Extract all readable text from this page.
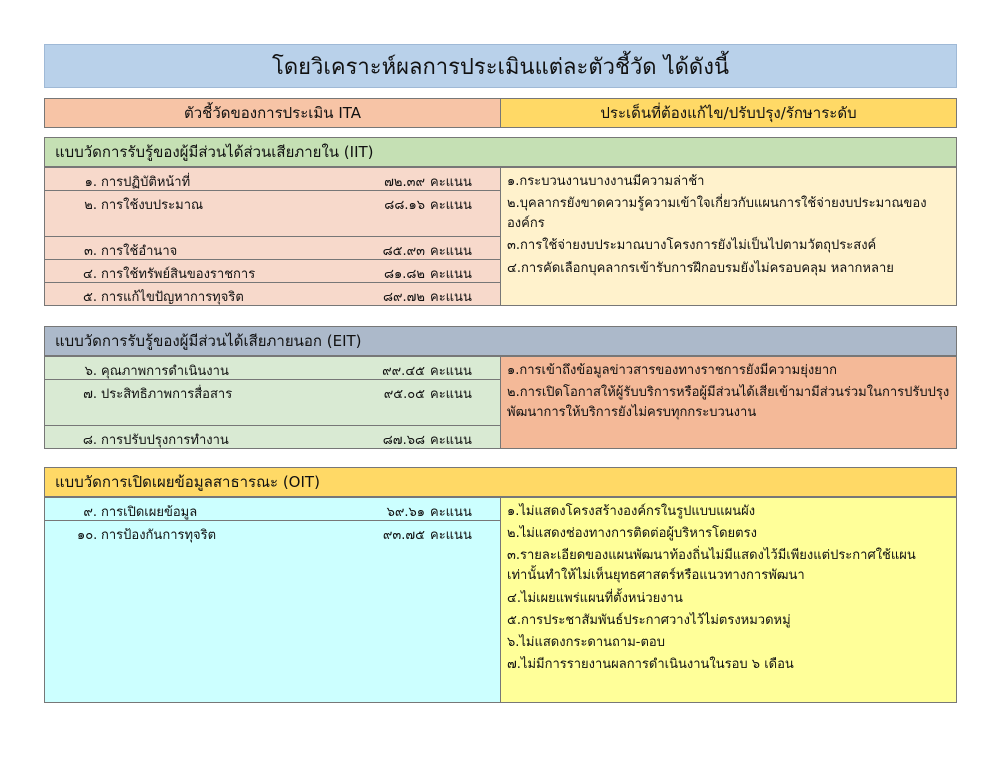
โดยวิเคราะห์ผลการประเมินแต่ละตัวชี้วัด ได้ดังนี้
ตัวชี้วัดของการประเมิน ITA	ประเด็นที่ต้องแก้ไข/ปรับปรุง/รักษาระดับ
แบบวัดการรับรู้ของผู้มีส่วนได้ส่วนเสียภายใน (IIT)
๑. การปฏิบัติหน้าที่	๗๒.๓๙ คะแนน
๒. การใช้งบประมาณ	๘๘.๑๖ คะแนน
๓. การใช้อำนาจ	๘๕.๙๓ คะแนน
๔. การใช้ทรัพย์สินของราชการ	๘๑.๘๒ คะแนน
๕. การแก้ไขปัญหาการทุจริต	๘๙.๗๒ คะแนน
๑.กระบวนงานบางงานมีความล่าช้า
๒.บุคลากรยังขาดความรู้ความเข้าใจเกี่ยวกับแผนการใช้จ่ายงบประมาณของ องค์กร
๓.การใช้จ่ายงบประมาณบางโครงการยังไม่เป็นไปตามวัตถุประสงค์
๔.การคัดเลือกบุคลากรเข้ารับการฝึกอบรมยังไม่ครอบคลุม หลากหลาย
แบบวัดการรับรู้ของผู้มีส่วนได้เสียภายนอก (EIT)
๖. คุณภาพการดำเนินงาน	๙๙.๔๕ คะแนน
๗. ประสิทธิภาพการสื่อสาร	๙๕.๐๕ คะแนน
๘. การปรับปรุงการทำงาน	๘๗.๖๘ คะแนน
๑.การเข้าถึงข้อมูลข่าวสารของทางราชการยังมีความยุ่งยาก
๒.การเปิดโอกาสให้ผู้รับบริการหรือผู้มีส่วนได้เสียเข้ามามีส่วนร่วมในการปรับปรุง พัฒนาการให้บริการยังไม่ครบทุกกระบวนงาน
แบบวัดการเปิดเผยข้อมูลสาธารณะ (OIT)
๙. การเปิดเผยข้อมูล	๖๙.๖๑ คะแนน
๑๐. การป้องกันการทุจริต	๙๓.๗๕ คะแนน
๑.ไม่แสดงโครงสร้างองค์กรในรูปแบบแผนผัง
๒.ไม่แสดงช่องทางการติดต่อผู้บริหารโดยตรง
๓.รายละเอียดของแผนพัฒนาท้องถิ่นไม่มีแสดงไว้มีเพียงแต่ประกาศใช้แผน เท่านั้นทำให้ไม่เห็นยุทธศาสตร์หรือแนวทางการพัฒนา
๔.ไม่เผยแพร่แผนที่ตั้งหน่วยงาน
๕.การประชาสัมพันธ์ประกาศวางไว้ไม่ตรงหมวดหมู่
๖.ไม่แสดงกระดานถาม-ตอบ
๗.ไม่มีการรายงานผลการดำเนินงานในรอบ ๖ เดือน
